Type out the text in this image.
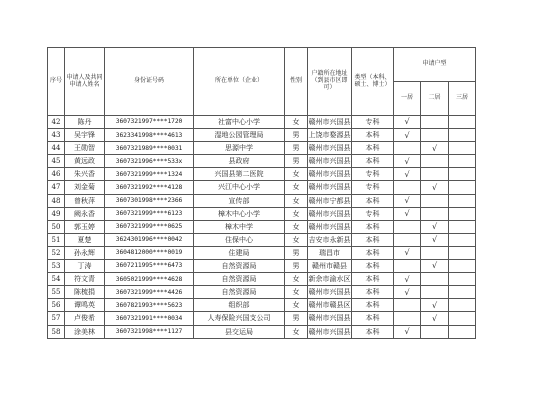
序号	申请人及共同申请人姓名	身份证号码	所在单位（企业）	性别	户籍所在地址（到县市区即可）	类型（本科、硕士、博士）	申请户型		
							一居	二居	三居
42	陈丹	3607321997****1720	社富中心小学	女	赣州市兴国县	专科	√		
43	吴宇锋	3623341998****4613	湿地公园管理局	男	上饶市婺源县	本科	√		
44	王勋智	3607321989****0031	思源中学	男	赣州市兴国县	本科		√	
45	黄远政	3607321996****533x	县政府	男	赣州市兴国县	本科	√		
46	朱兴香	3607321999****1324	兴国县第二医院	女	赣州市兴国县	专科	√		
47	刘金菊	3607321992****4128	兴江中心小学	女	赣州市兴国县	专科		√	
48	曾秋萍	3607301998****2366	宣传部	女	赣州市宁都县	本科	√		
49	阙永香	3607321999****6123	樟木中心小学	女	赣州市兴国县	专科	√		
50	郭玉婷	3607321999****0625	樟木中学	女	赣州市兴国县	本科		√	
51	夏楚	3624301996****0042	住保中心	女	吉安市永新县	本科		√	
52	孙永辉	3604812000****0019	住建局	男	瑞昌市	本科	√		
53	丁涛	3607211995****6473	自然资源局	男	赣州市赣县	本科		√	
54	符文青	3605021999****4628	自然资源局	女	新余市渝水区	本科	√		
55	陈梳捐	3607321999****4426	自然资源局	女	赣州市兴国县	本科	√		
56	谭鸣英	3607821993****5623	组织部	女	赣州市赣县区	本科		√	
57	卢俊希	3607321991****0034	人寿保险兴国支公司	男	赣州市兴国县	本科		√	
58	涂美林	3607321998****1127	县交运局	女	赣州市兴国县	本科	√		
